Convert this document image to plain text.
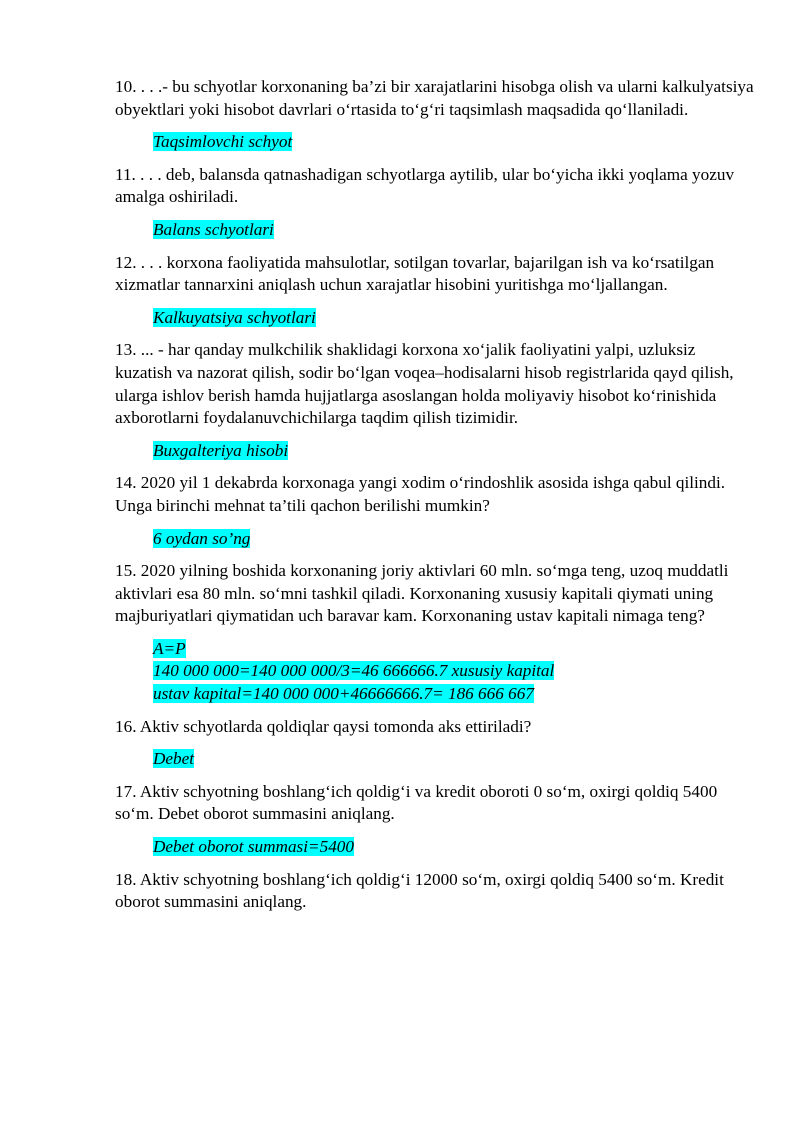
10. . . .- bu schyotlar korxonaning ba’zi bir xarajatlarini hisobga olish va ularni kalkulyatsiya obyektlari yoki hisobot davrlari o‘rtasida to‘g‘ri taqsimlash maqsadida qo‘llaniladi.

Taqsimlovchi schyot

11. . . . deb, balansda qatnashadigan schyotlarga aytilib, ular bo‘yicha ikki yoqlama yozuv amalga oshiriladi.

Balans schyotlari

12. . . . korxona faoliyatida mahsulotlar, sotilgan tovarlar, bajarilgan ish va ko‘rsatilgan xizmatlar tannarxini aniqlash uchun xarajatlar hisobini yuritishga mo‘ljallangan.

Kalkuyatsiya schyotlari

13. ... - har qanday mulkchilik shaklidagi korxona xo‘jalik faoliyatini yalpi, uzluksiz kuzatish va nazorat qilish, sodir bo‘lgan voqea–hodisalarni hisob registrlarida qayd qilish, ularga ishlov berish hamda hujjatlarga asoslangan holda moliyaviy hisobot ko‘rinishida axborotlarni foydalanuvchichilarga taqdim qilish tizimidir.

Buxgalteriya hisobi

14. 2020 yil 1 dekabrda korxonaga yangi xodim o‘rindoshlik asosida ishga qabul qilindi. Unga birinchi mehnat ta’tili qachon berilishi mumkin?

6 oydan so’ng

15. 2020 yilning boshida korxonaning joriy aktivlari 60 mln. so‘mga teng, uzoq muddatli aktivlari esa 80 mln. so‘mni tashkil qiladi. Korxonaning xususiy kapitali qiymati uning majburiyatlari qiymatidan uch baravar kam. Korxonaning ustav kapitali nimaga teng?

A=P
140 000 000=140 000 000/3=46 666666.7 xususiy kapital
ustav kapital=140 000 000+46666666.7= 186 666 667

16. Aktiv schyotlarda qoldiqlar qaysi tomonda aks ettiriladi?

Debet

17. Aktiv schyotning boshlang‘ich qoldig‘i va kredit oboroti 0 so‘m, oxirgi qoldiq 5400 so‘m. Debet oborot summasini aniqlang.

Debet oborot summasi=5400

18. Aktiv schyotning boshlang‘ich qoldig‘i 12000 so‘m, oxirgi qoldiq 5400 so‘m. Kredit oborot summasini aniqlang.
